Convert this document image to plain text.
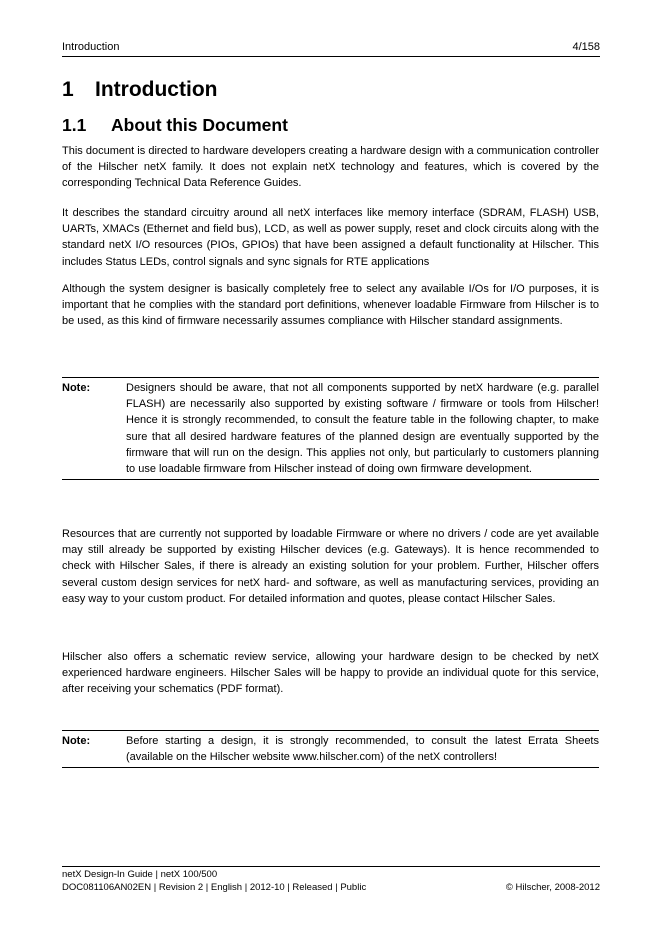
Introduction	4/158
1 Introduction
1.1 About this Document

This document is directed to hardware developers creating a hardware design with a communication controller of the Hilscher netX family. It does not explain netX technology and features, which is covered by the corresponding Technical Data Reference Guides.

It describes the standard circuitry around all netX interfaces like memory interface (SDRAM, FLASH) USB, UARTs, XMACs (Ethernet and field bus), LCD, as well as power supply, reset and clock circuits along with the standard netX I/O resources (PIOs, GPIOs) that have been assigned a default functionality at Hilscher. This includes Status LEDs, control signals and sync signals for RTE applications

Although the system designer is basically completely free to select any available I/Os for I/O purposes, it is important that he complies with the standard port definitions, whenever loadable Firmware from Hilscher is to be used, as this kind of firmware necessarily assumes compliance with Hilscher standard assignments.

Note:	Designers should be aware, that not all components supported by netX hardware (e.g. parallel FLASH) are necessarily also supported by existing software / firmware or tools from Hilscher! Hence it is strongly recommended, to consult the feature table in the following chapter, to make sure that all desired hardware features of the planned design are eventually supported by the firmware that will run on the design. This applies not only, but particularly to customers planning to use loadable firmware from Hilscher instead of doing own firmware development.

Resources that are currently not supported by loadable Firmware or where no drivers / code are yet available may still already be supported by existing Hilscher devices (e.g. Gateways). It is hence recommended to check with Hilscher Sales, if there is already an existing solution for your problem. Further, Hilscher offers several custom design services for netX hard- and software, as well as manufacturing services, providing an easy way to your custom product. For detailed information and quotes, please contact Hilscher Sales.

Hilscher also offers a schematic review service, allowing your hardware design to be checked by netX experienced hardware engineers. Hilscher Sales will be happy to provide an individual quote for this service, after receiving your schematics (PDF format).

Note:	Before starting a design, it is strongly recommended, to consult the latest Errata Sheets (available on the Hilscher website www.hilscher.com) of the netX controllers!
netX Design-In Guide | netX 100/500
DOC081106AN02EN | Revision 2 | English | 2012-10 | Released | Public	© Hilscher, 2008-2012
